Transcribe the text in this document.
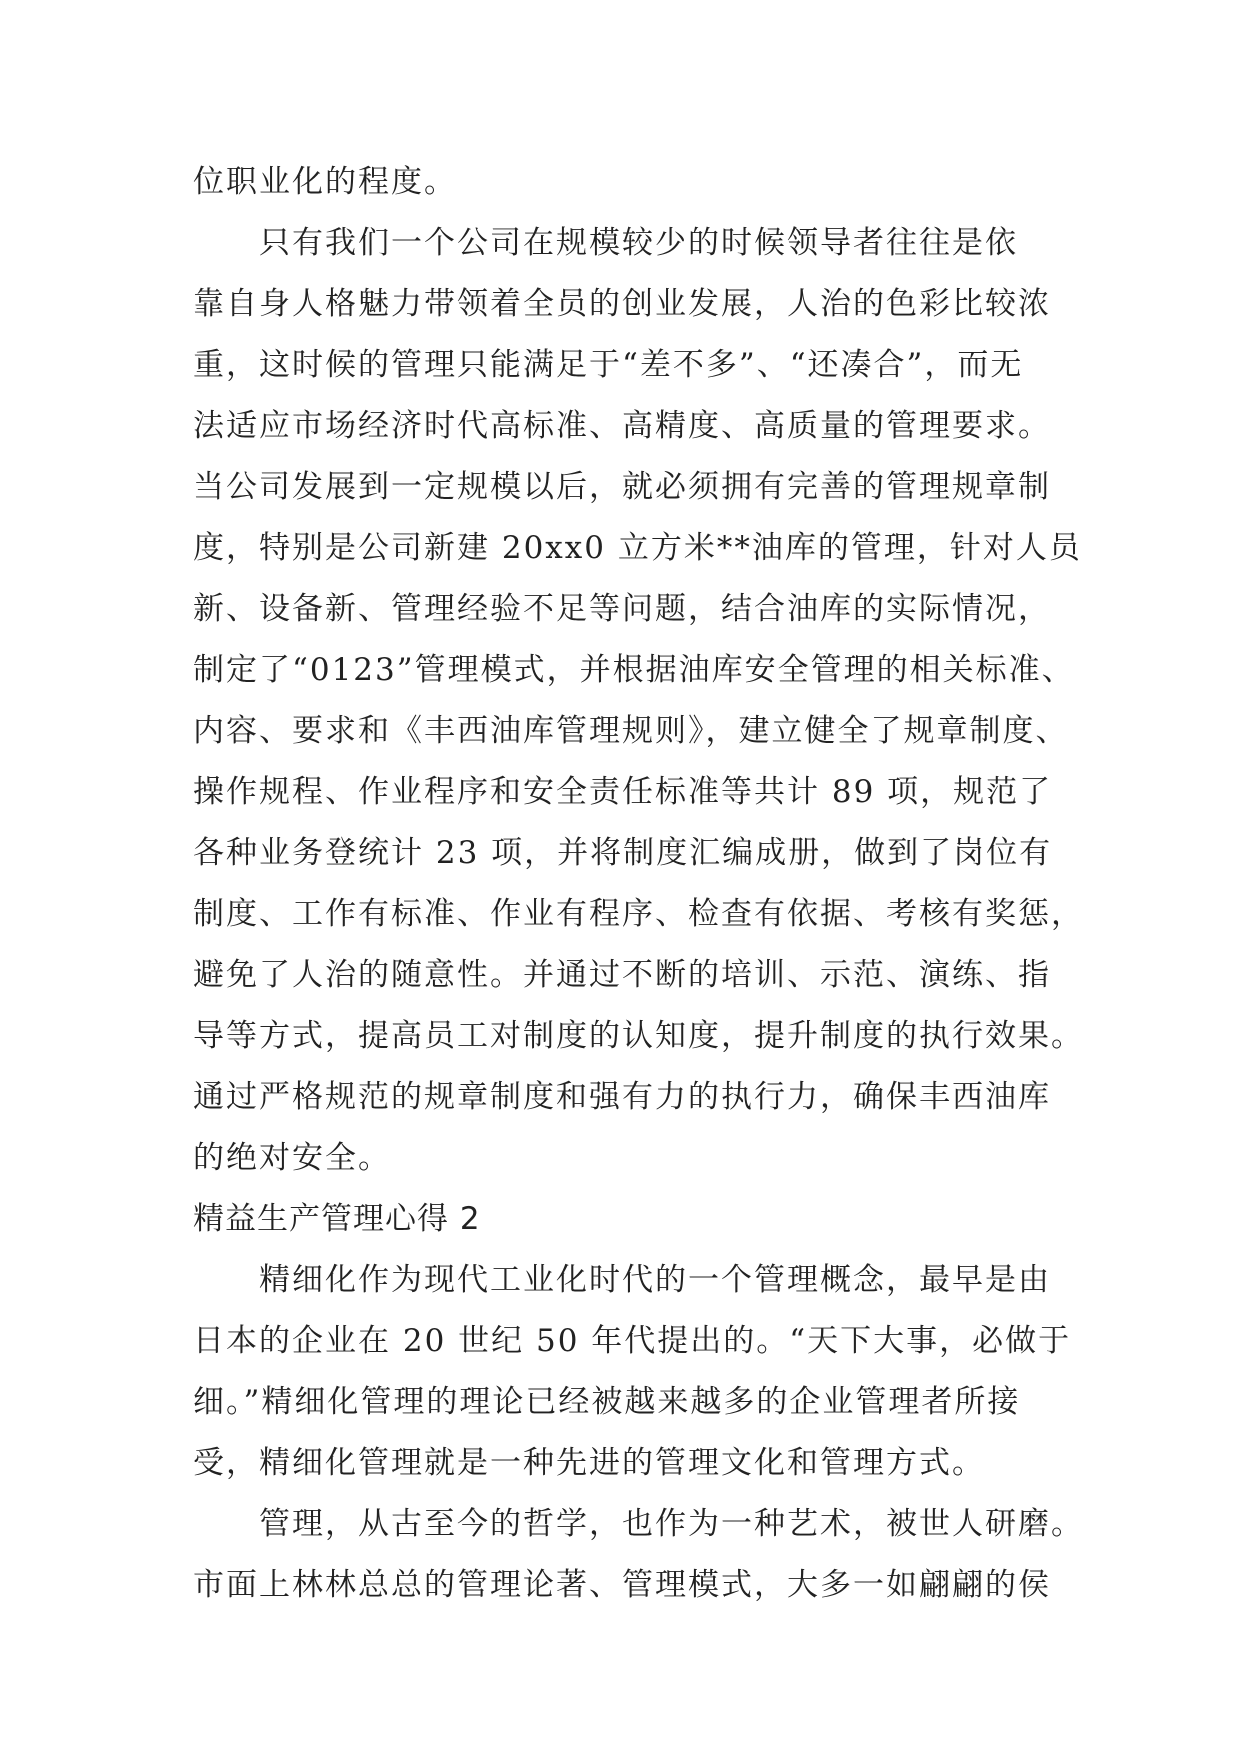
位职业化的程度。
只有我们一个公司在规模较少的时候领导者往往是依
靠自身人格魅力带领着全员的创业发展，人治的色彩比较浓
重，这时候的管理只能满足于“差不多”、“还凑合”，而无
法适应市场经济时代高标准、高精度、高质量的管理要求。
当公司发展到一定规模以后，就必须拥有完善的管理规章制
度，特别是公司新建 20xx0 立方米**油库的管理，针对人员
新、设备新、管理经验不足等问题，结合油库的实际情况，
制定了“0123”管理模式，并根据油库安全管理的相关标准、
内容、要求和《丰西油库管理规则》，建立健全了规章制度、
操作规程、作业程序和安全责任标准等共计 89 项，规范了
各种业务登统计 23 项，并将制度汇编成册，做到了岗位有
制度、工作有标准、作业有程序、检查有依据、考核有奖惩，
避免了人治的随意性。并通过不断的培训、示范、演练、指
导等方式，提高员工对制度的认知度，提升制度的执行效果。
通过严格规范的规章制度和强有力的执行力，确保丰西油库
的绝对安全。
精益生产管理心得 2
精细化作为现代工业化时代的一个管理概念，最早是由
日本的企业在 20 世纪 50 年代提出的。“天下大事，必做于
细。”精细化管理的理论已经被越来越多的企业管理者所接
受，精细化管理就是一种先进的管理文化和管理方式。
管理，从古至今的哲学，也作为一种艺术，被世人研磨。
市面上林林总总的管理论著、管理模式，大多一如翩翩的侯
